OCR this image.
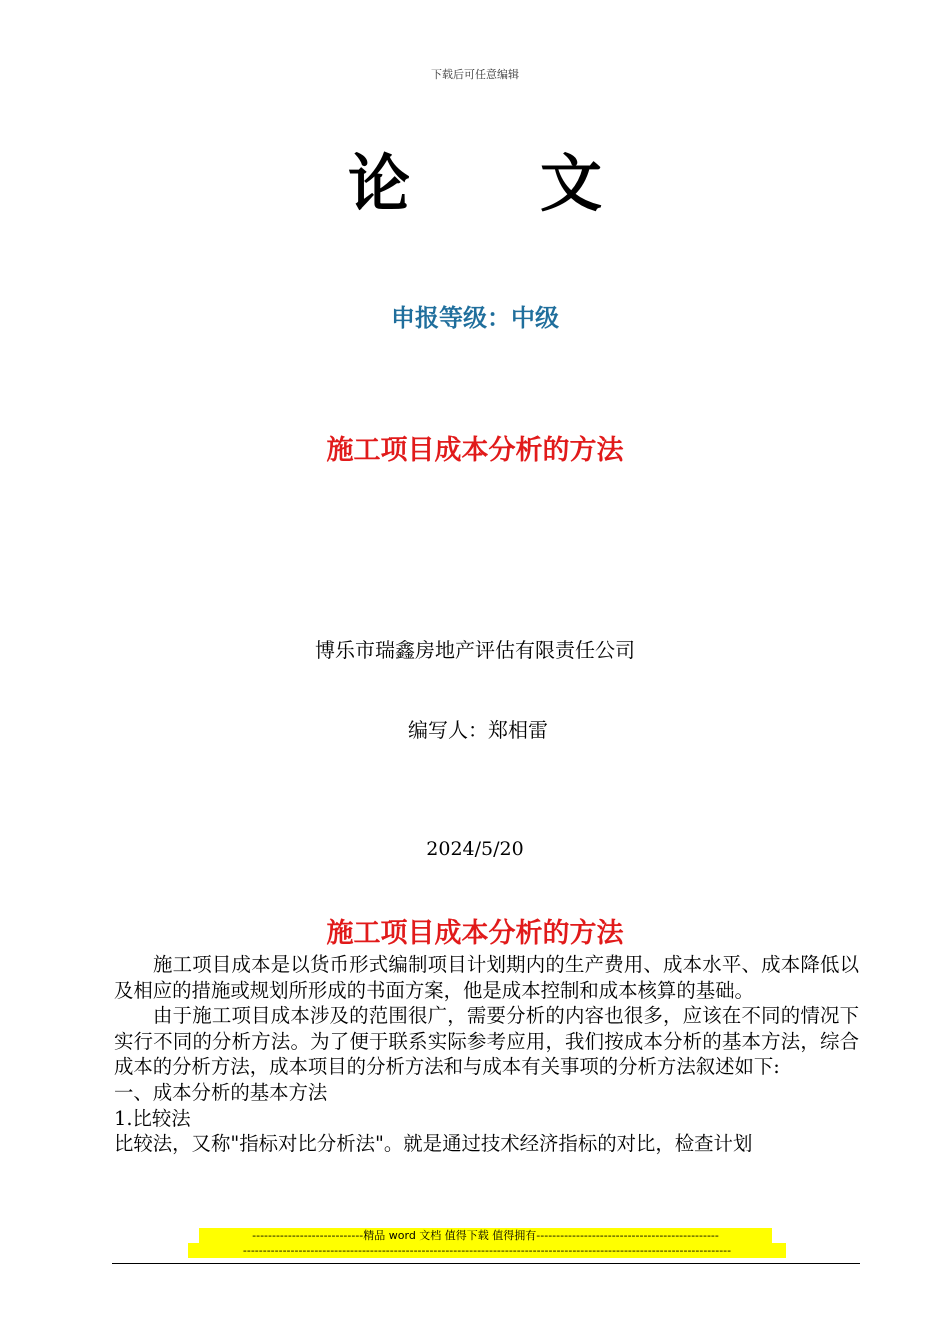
下载后可任意编辑
论 文
申报等级：中级
施工项目成本分析的方法
博乐市瑞鑫房地产评估有限责任公司
编写人：郑相雷
2024/5/20
施工项目成本分析的方法

施工项目成本是以货币形式编制项目计划期内的生产费用、成本水平、成本降低以及相应的措施或规划所形成的书面方案，他是成本控制和成本核算的基础。

由于施工项目成本涉及的范围很广，需要分析的内容也很多，应该在不同的情况下实行不同的分析方法。为了便于联系实际参考应用，我们按成本分析的基本方法，综合成本的分析方法，成本项目的分析方法和与成本有关事项的分析方法叙述如下:

一、成本分析的基本方法

1.比较法

比较法，又称"指标对比分析法"。就是通过技术经济指标的对比，检查计划

----------------------------精品 word 文档 值得下载 值得拥有----------------------------------------------
---------------------------------------------------------------------------------------------------------------------------
